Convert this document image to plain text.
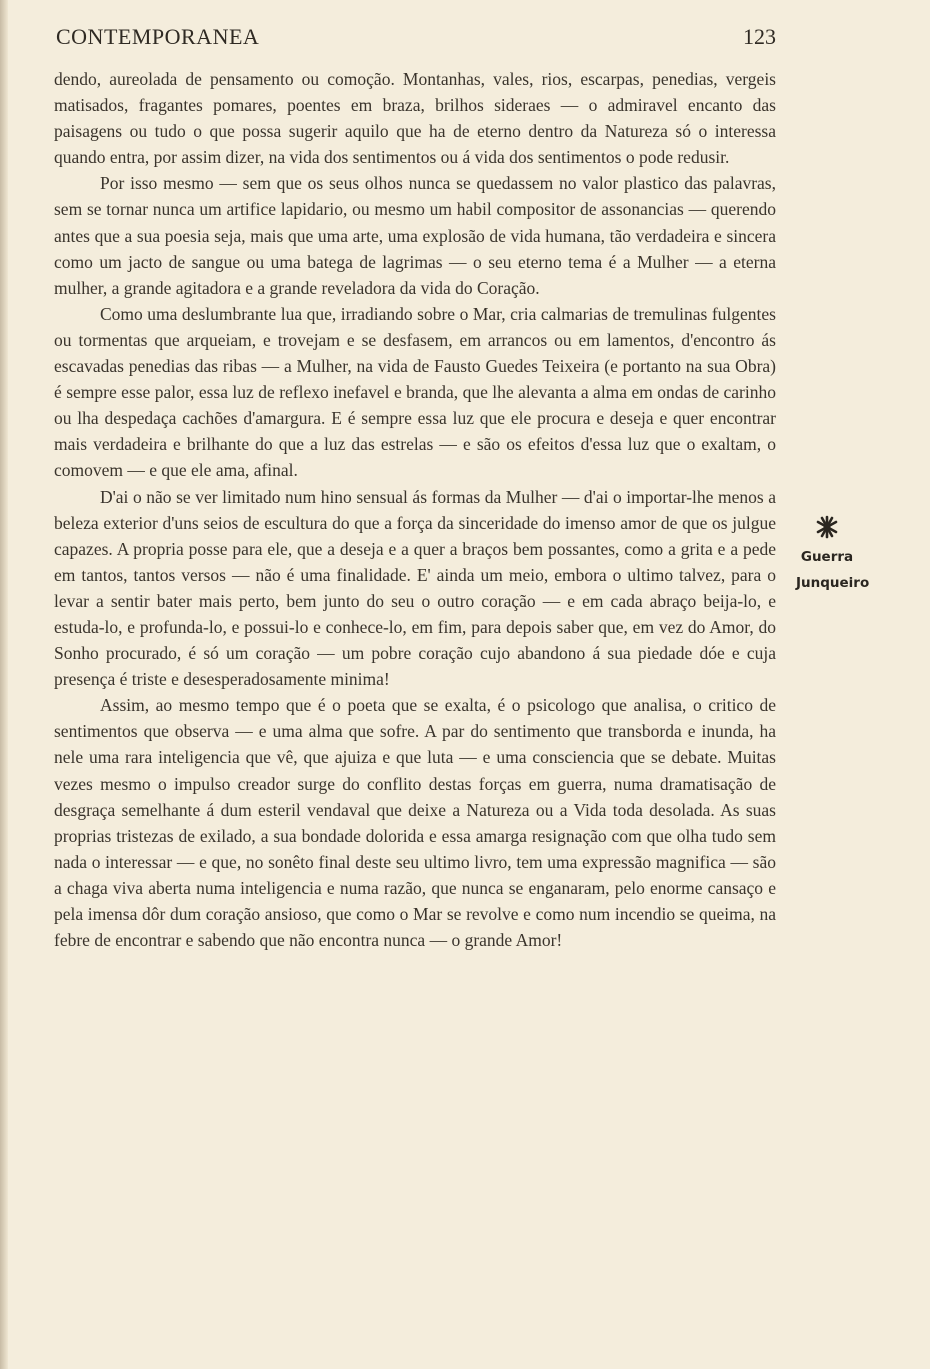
CONTEMPORANEA	123

dendo, aureolada de pensamento ou comoção. Montanhas, vales, rios, escarpas, penedias, vergeis matisados, fragantes pomares, poentes em braza, brilhos sideraes — o admiravel encanto das paisagens ou tudo o que possa sugerir aquilo que ha de eterno dentro da Natureza só o interessa quando entra, por assim dizer, na vida dos sentimentos ou á vida dos sentimentos o pode redusir.

Por isso mesmo — sem que os seus olhos nunca se quedassem no valor plastico das palavras, sem se tornar nunca um artifice lapidario, ou mesmo um habil compositor de assonancias — querendo antes que a sua poesia seja, mais que uma arte, uma explosão de vida humana, tão verdadeira e sincera como um jacto de sangue ou uma bategа de lagrimas — o seu eterno tema é a Mulher — a eterna mulher, a grande agitadora e a grande reveladora da vida do Coração.

Como uma deslumbrante lua que, irradiando sobre o Mar, cria calmarias de tremulinas fulgentes ou tormentas que arqueiam, e trovejam e se desfasem, em arrancos ou em lamentos, d'encontro ás escavadas penedias das ribas — a Mulher, na vida de Fausto Guedes Teixeira (e portanto na sua Obra) é sempre esse palor, essa luz de reflexo inefavel e branda, que lhe alevanta a alma em ondas de carinho ou lha despedaça cachões d'amargura. E é sempre essa luz que ele procura e deseja e quer encontrar mais verdadeira e brilhante do que a luz das estrelas — e são os efeitos d'essa luz que o exaltam, o comovem — e que ele ama, afinal.

D'ai o não se ver limitado num hino sensual ás formas da Mulher — d'ai o importar-lhe menos a beleza exterior d'uns seios de escultura do que a força da sinceridade do imenso amor de que os julgue capazes. A propria posse para ele, que a deseja e a quer a braços bem possantes, como a grita e a pede em tantos, tantos versos — não é uma finalidade. E' ainda um meio, embora o ultimo talvez, para o levar a sentir bater mais perto, bem junto do seu o outro coração — e em cada abraço beija-lo, e estuda-lo, e profunda-lo, e possui-lo e conhece-lo, em fim, para depois saber que, em vez do Amor, do Sonho procurado, é só um coração — um pobre coração cujo abandono á sua piedade dóe e cuja presença é triste e desesperadosamente minima!

Assim, ao mesmo tempo que é o poeta que se exalta, é o psicologo que analisa, o critico de sentimentos que observa — e uma alma que sofre. A par do sentimento que transborda e inunda, ha nele uma rara inteligencia que vê, que ajuiza e que luta — e uma consciencia que se debate. Muitas vezes mesmo o impulso creador surge do conflito destas forças em guerra, numa dramatisação de desgraça semelhante á dum esteril vendaval que deixe a Natureza ou a Vida toda desolada. As suas proprias tristezas de exilado, a sua bondade dolorida e essa amarga resignação com que olha tudo sem nada o interessar — e que, no sonêto final deste seu ultimo livro, tem uma expressão magnifica — são a chaga viva aberta numa inteligencia e numa razão, que nunca se enganaram, pelo enorme cansaço e pela imensa dôr dum coração ansioso, que como o Mar se revolve e como num incendio se queima, na febre de encontrar e sabendo que não encontra nunca — o grande Amor!

Guerra
Junqueiro
